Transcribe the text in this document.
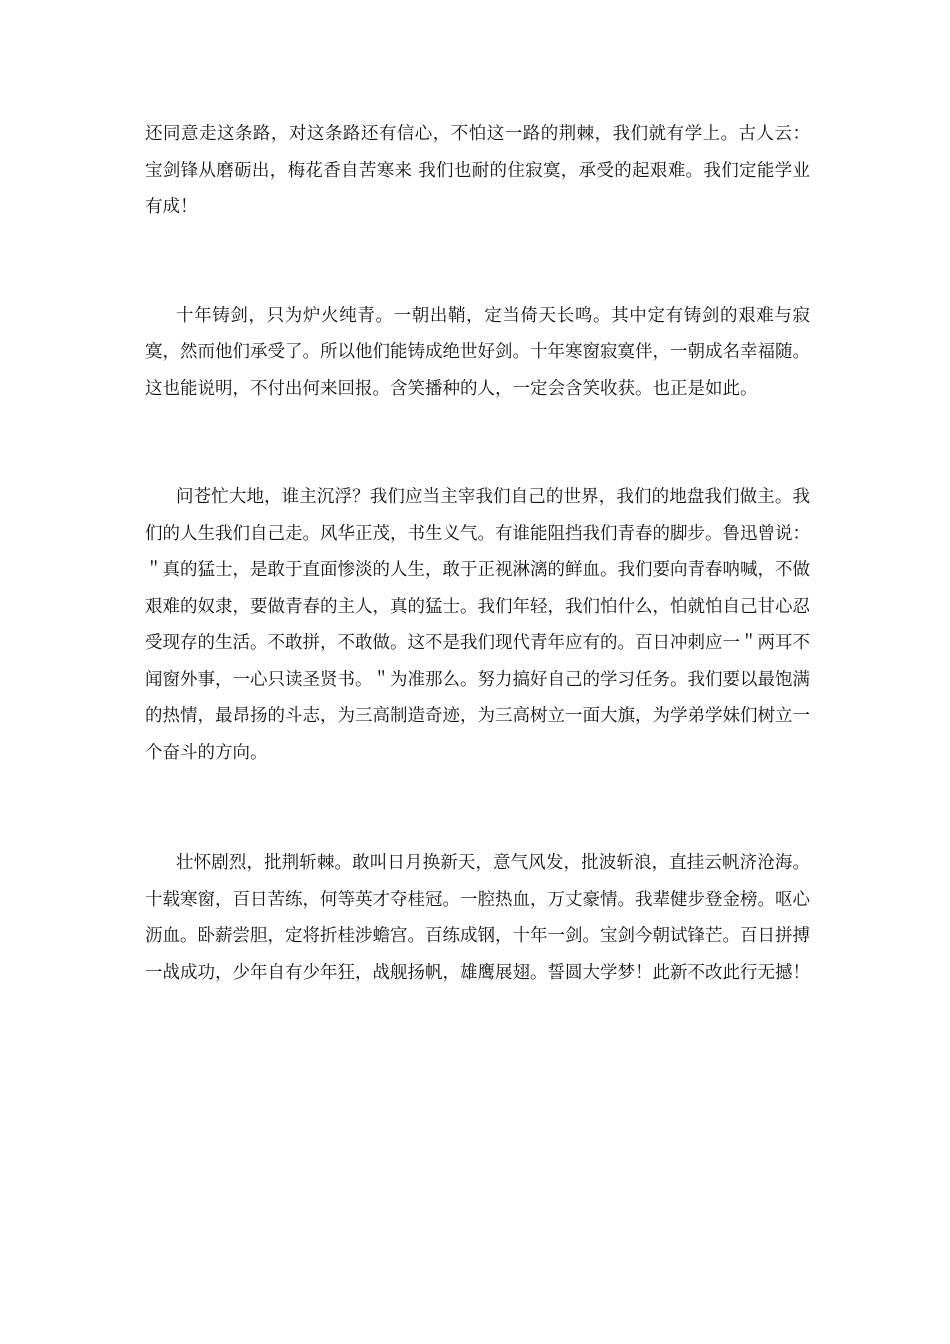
还同意走这条路，对这条路还有信心，不怕这一路的荆棘，我们就有学上。古人云： 宝剑锋从磨砺出，梅花香自苦寒来 我们也耐的住寂寞，承受的起艰难。我们定能学业有成！

十年铸剑，只为炉火纯青。一朝出鞘，定当倚天长鸣。其中定有铸剑的艰难与寂寞，然而他们承受了。所以他们能铸成绝世好剑。十年寒窗寂寞伴，一朝成名幸福随。这也能说明，不付出何来回报。含笑播种的人，一定会含笑收获。也正是如此。

问苍忙大地，谁主沉浮？我们应当主宰我们自己的世界，我们的地盘我们做主。我们的人生我们自己走。风华正茂，书生义气。有谁能阻挡我们青春的脚步。鲁迅曾说：＂真的猛士，是敢于直面惨淡的人生，敢于正视淋漓的鲜血。我们要向青春呐喊，不做艰难的奴隶，要做青春的主人，真的猛士。我们年轻，我们怕什么，怕就怕自己甘心忍受现存的生活。不敢拼，不敢做。这不是我们现代青年应有的。百日冲刺应一＂两耳不闻窗外事，一心只读圣贤书。＂为准那么。努力搞好自己的学习任务。我们要以最饱满的热情，最昂扬的斗志，为三高制造奇迹，为三高树立一面大旗，为学弟学妹们树立一个奋斗的方向。

壮怀剧烈，批荆斩棘。敢叫日月换新天，意气风发，批波斩浪，直挂云帆济沧海。十载寒窗，百日苦练，何等英才夺桂冠。一腔热血，万丈豪情。我辈健步登金榜。呕心沥血。卧薪尝胆，定将折桂涉蟾宫。百练成钢，十年一剑。宝剑今朝试锋芒。百日拼搏一战成功，少年自有少年狂，战舰扬帆，雄鹰展翅。誓圆大学梦！此新不改此行无撼！
